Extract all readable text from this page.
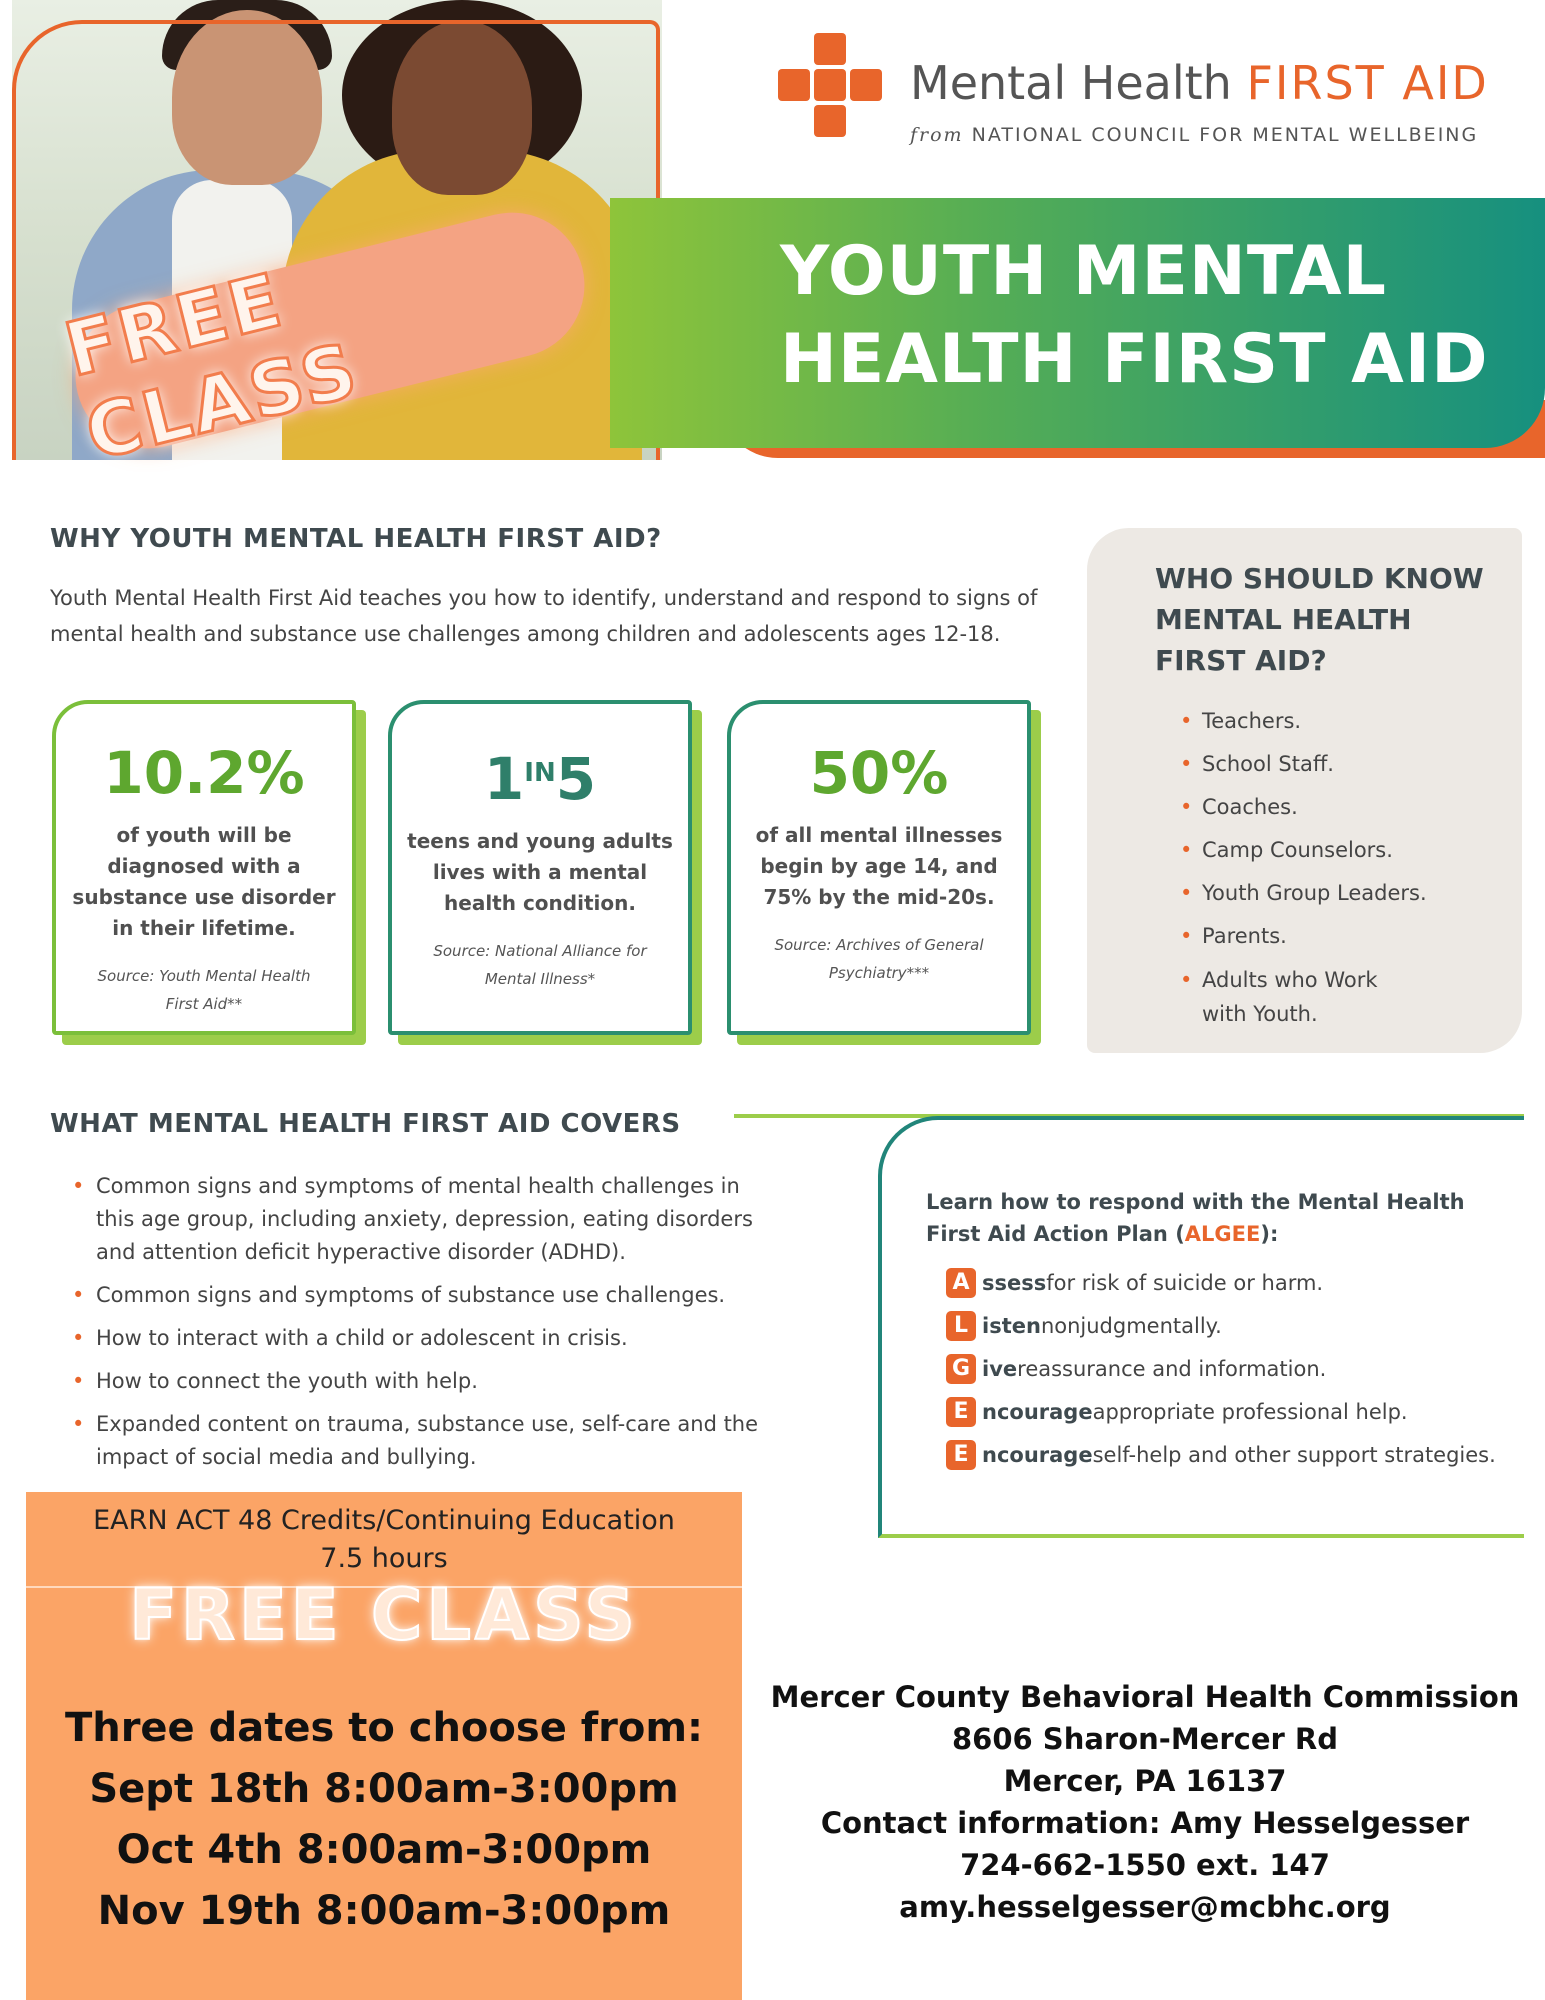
YOUTH MENTAL
HEALTH FIRST AID
FREE CLASS
Mental Health FIRST AID
from NATIONAL COUNCIL FOR MENTAL WELLBEING
WHY YOUTH MENTAL HEALTH FIRST AID?
Youth Mental Health First Aid teaches you how to identify, understand and respond to signs of mental health and substance use challenges among children and adolescents ages 12-18.
10.2%
of youth will be diagnosed with a substance use disorder in their lifetime.
Source: Youth Mental Health First Aid**
$1^{IN}5$
teens and young adults lives with a mental health condition.
Source: National Alliance for Mental Illness*
50%
of all mental illnesses begin by age 14, and 75% by the mid-20s.
Source: Archives of General Psychiatry***
WHO SHOULD KNOW MENTAL HEALTH FIRST AID?
• Teachers.
• School Staff.
• Coaches.
• Camp Counselors.
• Youth Group Leaders.
• Parents.
• Adults who Work with Youth.
WHAT MENTAL HEALTH FIRST AID COVERS
• Common signs and symptoms of mental health challenges in this age group, including anxiety, depression, eating disorders and attention deficit hyperactive disorder (ADHD).
• Common signs and symptoms of substance use challenges.
• How to interact with a child or adolescent in crisis.
• How to connect the youth with help.
• Expanded content on trauma, substance use, self-care and the impact of social media and bullying.
Learn how to respond with the Mental Health First Aid Action Plan (ALGEE):
A ssess for risk of suicide or harm.
L isten nonjudgmentally.
G ive reassurance and information.
E ncourage appropriate professional help.
E ncourage self-help and other support strategies.
EARN ACT 48 Credits/Continuing Education
7.5 hours
FREE CLASS
Three dates to choose from:
Sept 18th 8:00am-3:00pm
Oct 4th 8:00am-3:00pm
Nov 19th 8:00am-3:00pm
Mercer County Behavioral Health Commission
8606 Sharon-Mercer Rd
Mercer, PA 16137
Contact information: Amy Hesselgesser
724-662-1550 ext. 147
amy.hesselgesser@mcbhc.org
